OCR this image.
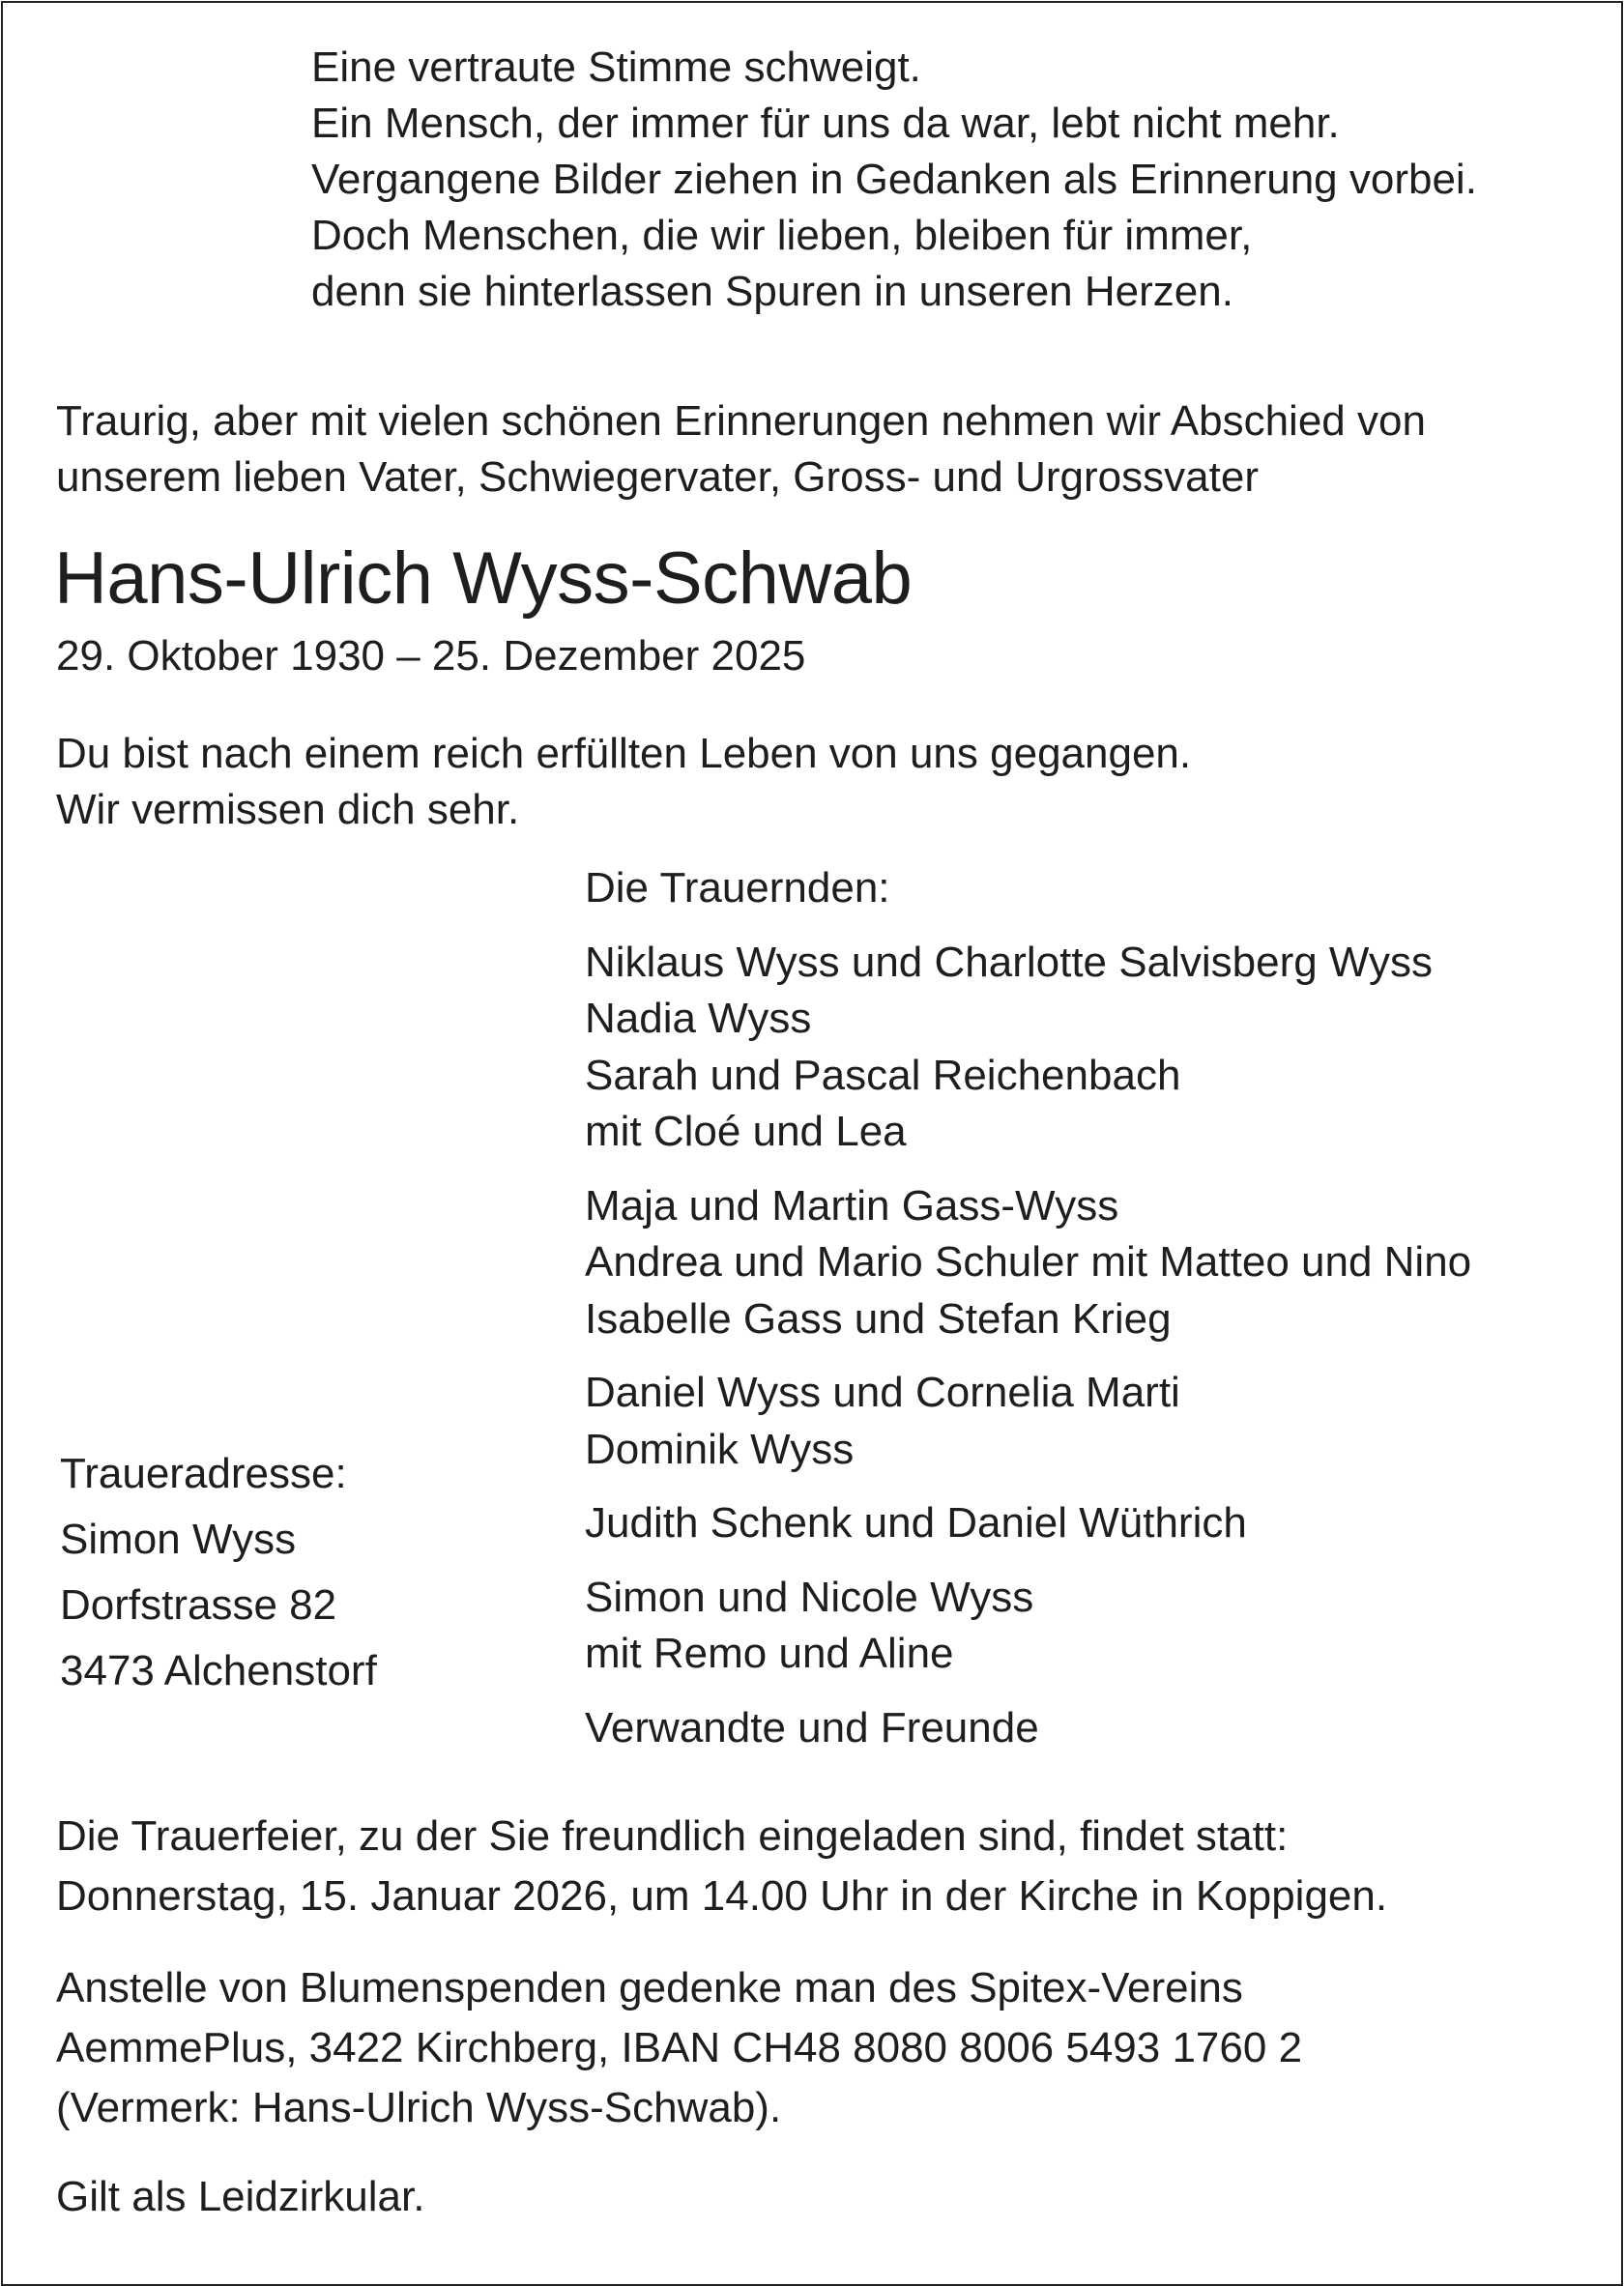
Eine vertraute Stimme schweigt.
Ein Mensch, der immer für uns da war, lebt nicht mehr.
Vergangene Bilder ziehen in Gedanken als Erinnerung vorbei.
Doch Menschen, die wir lieben, bleiben für immer,
denn sie hinterlassen Spuren in unseren Herzen.
Traurig, aber mit vielen schönen Erinnerungen nehmen wir Abschied von
unserem lieben Vater, Schwiegervater, Gross- und Urgrossvater
Hans-Ulrich Wyss-Schwab
29. Oktober 1930 – 25. Dezember 2025
Du bist nach einem reich erfüllten Leben von uns gegangen.
Wir vermissen dich sehr.
Die Trauernden:
Niklaus Wyss und Charlotte Salvisberg Wyss
Nadia Wyss
Sarah und Pascal Reichenbach
mit Cloé und Lea
Maja und Martin Gass-Wyss
Andrea und Mario Schuler mit Matteo und Nino
Isabelle Gass und Stefan Krieg
Daniel Wyss und Cornelia Marti
Dominik Wyss
Judith Schenk und Daniel Wüthrich
Simon und Nicole Wyss
mit Remo und Aline
Verwandte und Freunde
Traueradresse:
Simon Wyss
Dorfstrasse 82
3473 Alchenstorf
Die Trauerfeier, zu der Sie freundlich eingeladen sind, findet statt:
Donnerstag, 15. Januar 2026, um 14.00 Uhr in der Kirche in Koppigen.
Anstelle von Blumenspenden gedenke man des Spitex-Vereins
AemmePlus, 3422 Kirchberg, IBAN CH48 8080 8006 5493 1760 2
(Vermerk: Hans-Ulrich Wyss-Schwab).
Gilt als Leidzirkular.
